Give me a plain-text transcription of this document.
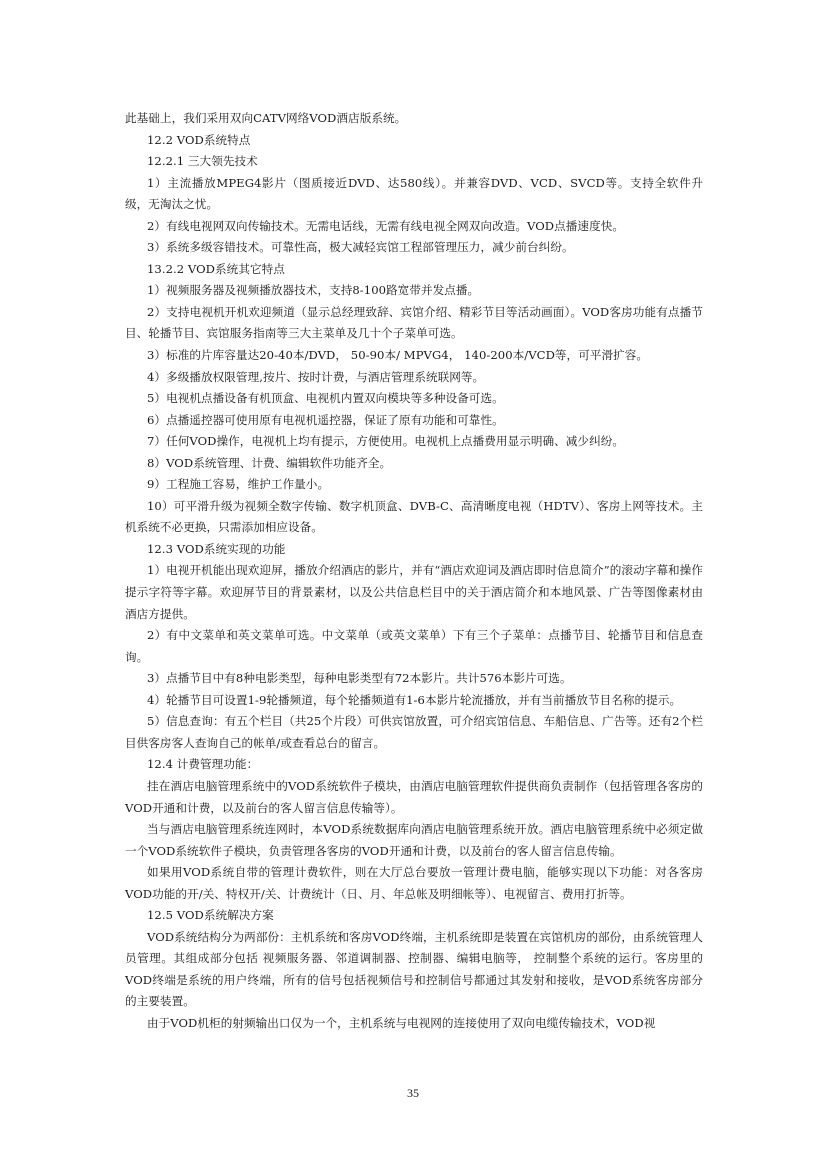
此基础上，我们采用双向CATV网络VOD酒店版系统。

12.2 VOD系统特点

12.2.1 三大领先技术

1）主流播放MPEG4影片（图质接近DVD、达580线）。并兼容DVD、VCD、SVCD等。支持全软件升级，无淘汰之忧。

2）有线电视网双向传输技术。无需电话线，无需有线电视全网双向改造。VOD点播速度快。

3）系统多级容错技术。可靠性高，极大减轻宾馆工程部管理压力，减少前台纠纷。

13.2.2 VOD系统其它特点

1）视频服务器及视频播放器技术，支持8-100路宽带并发点播。

2）支持电视机开机欢迎频道（显示总经理致辞、宾馆介绍、精彩节目等活动画面）。VOD客房功能有点播节目、轮播节目、宾馆服务指南等三大主菜单及几十个子菜单可选。

3）标准的片库容量达20-40本/DVD， 50-90本/ MPVG4， 140-200本/VCD等，可平滑扩容。

4）多级播放权限管理,按片、按时计费，与酒店管理系统联网等。

5）电视机点播设备有机顶盒、电视机内置双向模块等多种设备可选。

6）点播遥控器可使用原有电视机遥控器，保证了原有功能和可靠性。

7）任何VOD操作，电视机上均有提示，方便使用。电视机上点播费用显示明确、减少纠纷。

8）VOD系统管理、计费、编辑软件功能齐全。

9）工程施工容易，维护工作量小。

10）可平滑升级为视频全数字传输、数字机顶盒、DVB-C、高清晰度电视（HDTV）、客房上网等技术。主机系统不必更换，只需添加相应设备。

12.3 VOD系统实现的功能

1）电视开机能出现欢迎屏，播放介绍酒店的影片，并有“酒店欢迎词及酒店即时信息简介”的滚动字幕和操作提示字符等字幕。欢迎屏节目的背景素材，以及公共信息栏目中的关于酒店简介和本地风景、广告等图像素材由酒店方提供。

2）有中文菜单和英文菜单可选。中文菜单（或英文菜单）下有三个子菜单：点播节目、轮播节目和信息查询。

3）点播节目中有8种电影类型，每种电影类型有72本影片。共计576本影片可选。

4）轮播节目可设置1-9轮播频道，每个轮播频道有1-6本影片轮流播放，并有当前播放节目名称的提示。

5）信息查询：有五个栏目（共25个片段）可供宾馆放置，可介绍宾馆信息、车船信息、广告等。还有2个栏目供客房客人查询自己的帐单/或查看总台的留言。

12.4 计费管理功能：

挂在酒店电脑管理系统中的VOD系统软件子模块，由酒店电脑管理软件提供商负责制作（包括管理各客房的VOD开通和计费，以及前台的客人留言信息传输等）。

当与酒店电脑管理系统连网时，本VOD系统数据库向酒店电脑管理系统开放。酒店电脑管理系统中必须定做一个VOD系统软件子模块，负责管理各客房的VOD开通和计费，以及前台的客人留言信息传输。

如果用VOD系统自带的管理计费软件，则在大厅总台要放一管理计费电脑，能够实现以下功能：对各客房VOD功能的开/关、特权开/关、计费统计（日、月、年总帐及明细帐等）、电视留言、费用打折等。

12.5 VOD系统解决方案

VOD系统结构分为两部份：主机系统和客房VOD终端，主机系统即是装置在宾馆机房的部份，由系统管理人员管理。其组成部分包括 视频服务器、邻道调制器、控制器、编辑电脑等， 控制整个系统的运行。客房里的VOD终端是系统的用户终端，所有的信号包括视频信号和控制信号都通过其发射和接收，是VOD系统客房部分的主要装置。

由于VOD机柜的射频输出口仅为一个，主机系统与电视网的连接使用了双向电缆传输技术，VOD视

35
